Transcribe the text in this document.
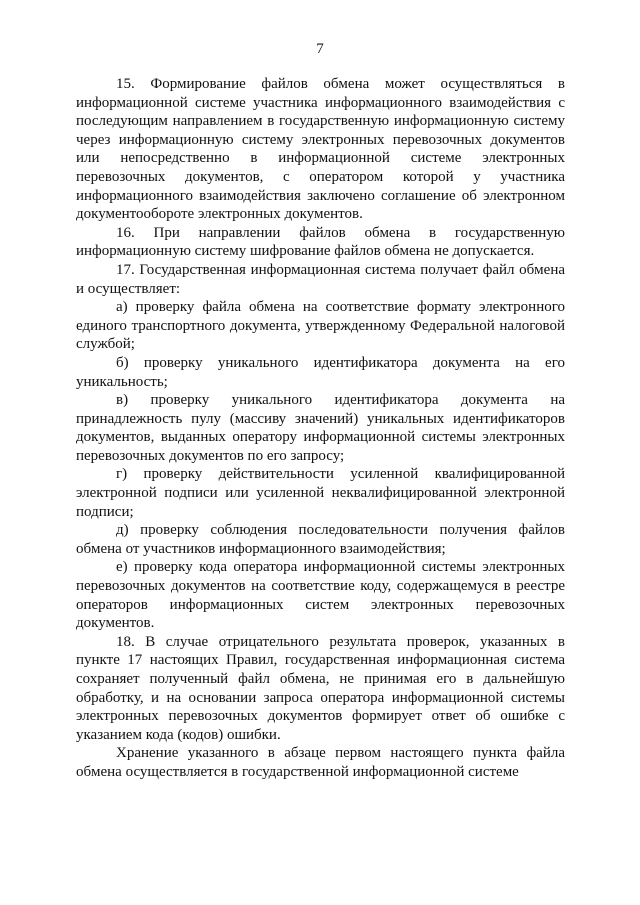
7

15. Формирование файлов обмена может осуществляться в информационной системе участника информационного взаимодействия с последующим направлением в государственную информационную систему через информационную систему электронных перевозочных документов или непосредственно в информационной системе электронных перевозочных документов, с оператором которой у участника информационного взаимодействия заключено соглашение об электронном документообороте электронных документов.

16. При направлении файлов обмена в государственную информационную систему шифрование файлов обмена не допускается.

17. Государственная информационная система получает файл обмена и осуществляет:

а) проверку файла обмена на соответствие формату электронного единого транспортного документа, утвержденному Федеральной налоговой службой;

б) проверку уникального идентификатора документа на его уникальность;

в) проверку уникального идентификатора документа на принадлежность пулу (массиву значений) уникальных идентификаторов документов, выданных оператору информационной системы электронных перевозочных документов по его запросу;

г) проверку действительности усиленной квалифицированной электронной подписи или усиленной неквалифицированной электронной подписи;

д) проверку соблюдения последовательности получения файлов обмена от участников информационного взаимодействия;

е) проверку кода оператора информационной системы электронных перевозочных документов на соответствие коду, содержащемуся в реестре операторов информационных систем электронных перевозочных документов.

18. В случае отрицательного результата проверок, указанных в пункте 17 настоящих Правил, государственная информационная система сохраняет полученный файл обмена, не принимая его в дальнейшую обработку, и на основании запроса оператора информационной системы электронных перевозочных документов формирует ответ об ошибке с указанием кода (кодов) ошибки.

Хранение указанного в абзаце первом настоящего пункта файла обмена осуществляется в государственной информационной системе
